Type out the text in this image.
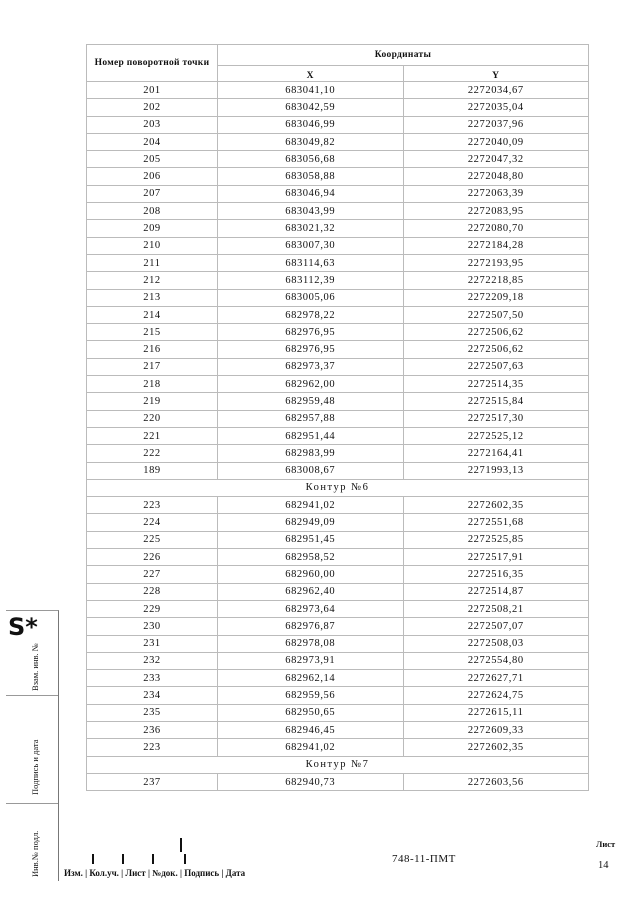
Номер поворотной точки	Координаты	
	X	Y
201	683041,10	2272034,67
202	683042,59	2272035,04
203	683046,99	2272037,96
204	683049,82	2272040,09
205	683056,68	2272047,32
206	683058,88	2272048,80
207	683046,94	2272063,39
208	683043,99	2272083,95
209	683021,32	2272080,70
210	683007,30	2272184,28
211	683114,63	2272193,95
212	683112,39	2272218,85
213	683005,06	2272209,18
214	682978,22	2272507,50
215	682976,95	2272506,62
216	682976,95	2272506,62
217	682973,37	2272507,63
218	682962,00	2272514,35
219	682959,48	2272515,84
220	682957,88	2272517,30
221	682951,44	2272525,12
222	682983,99	2272164,41
189	683008,67	2271993,13
Контур №6		
223	682941,02	2272602,35
224	682949,09	2272551,68
225	682951,45	2272525,85
226	682958,52	2272517,91
227	682960,00	2272516,35
228	682962,40	2272514,87
229	682973,64	2272508,21
230	682976,87	2272507,07
231	682978,08	2272508,03
232	682973,91	2272554,80
233	682962,14	2272627,71
234	682959,56	2272624,75
235	682950,65	2272615,11
236	682946,45	2272609,33
223	682941,02	2272602,35
Контур №7		
237	682940,73	2272603,56
S*
Взам. инв. №
Подпись и дата
Инв.№ подл.	Изм. | Кол.уч. | Лист | №док. | Подпись | Дата
748-11-ПМТ
Лист
14
